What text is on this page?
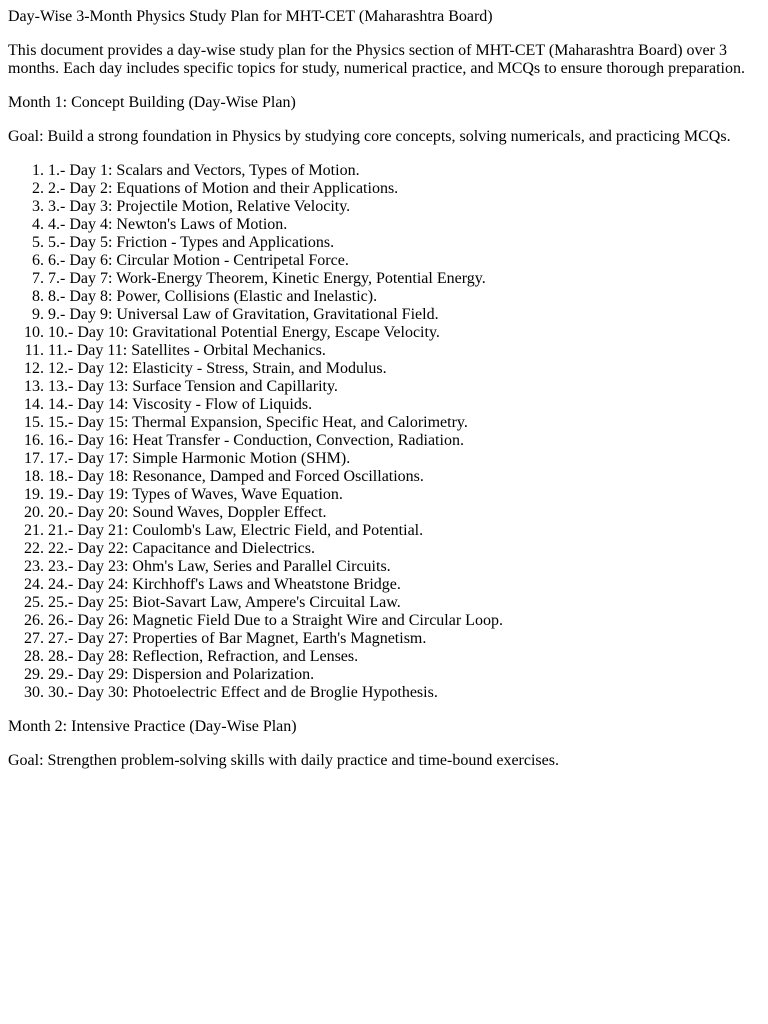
Day-Wise 3-Month Physics Study Plan for MHT-CET (Maharashtra Board)

This document provides a day-wise study plan for the Physics section of MHT-CET (Maharashtra Board) over 3 months. Each day includes specific topics for study, numerical practice, and MCQs to ensure thorough preparation.

Month 1: Concept Building (Day-Wise Plan)

Goal: Build a strong foundation in Physics by studying core concepts, solving numericals, and practicing MCQs.

1. 1.- Day 1: Scalars and Vectors, Types of Motion.
2. 2.- Day 2: Equations of Motion and their Applications.
3. 3.- Day 3: Projectile Motion, Relative Velocity.
4. 4.- Day 4: Newton's Laws of Motion.
5. 5.- Day 5: Friction - Types and Applications.
6. 6.- Day 6: Circular Motion - Centripetal Force.
7. 7.- Day 7: Work-Energy Theorem, Kinetic Energy, Potential Energy.
8. 8.- Day 8: Power, Collisions (Elastic and Inelastic).
9. 9.- Day 9: Universal Law of Gravitation, Gravitational Field.
10. 10.- Day 10: Gravitational Potential Energy, Escape Velocity.
11. 11.- Day 11: Satellites - Orbital Mechanics.
12. 12.- Day 12: Elasticity - Stress, Strain, and Modulus.
13. 13.- Day 13: Surface Tension and Capillarity.
14. 14.- Day 14: Viscosity - Flow of Liquids.
15. 15.- Day 15: Thermal Expansion, Specific Heat, and Calorimetry.
16. 16.- Day 16: Heat Transfer - Conduction, Convection, Radiation.
17. 17.- Day 17: Simple Harmonic Motion (SHM).
18. 18.- Day 18: Resonance, Damped and Forced Oscillations.
19. 19.- Day 19: Types of Waves, Wave Equation.
20. 20.- Day 20: Sound Waves, Doppler Effect.
21. 21.- Day 21: Coulomb's Law, Electric Field, and Potential.
22. 22.- Day 22: Capacitance and Dielectrics.
23. 23.- Day 23: Ohm's Law, Series and Parallel Circuits.
24. 24.- Day 24: Kirchhoff's Laws and Wheatstone Bridge.
25. 25.- Day 25: Biot-Savart Law, Ampere's Circuital Law.
26. 26.- Day 26: Magnetic Field Due to a Straight Wire and Circular Loop.
27. 27.- Day 27: Properties of Bar Magnet, Earth's Magnetism.
28. 28.- Day 28: Reflection, Refraction, and Lenses.
29. 29.- Day 29: Dispersion and Polarization.
30. 30.- Day 30: Photoelectric Effect and de Broglie Hypothesis.
Month 2: Intensive Practice (Day-Wise Plan)

Goal: Strengthen problem-solving skills with daily practice and time-bound exercises.
